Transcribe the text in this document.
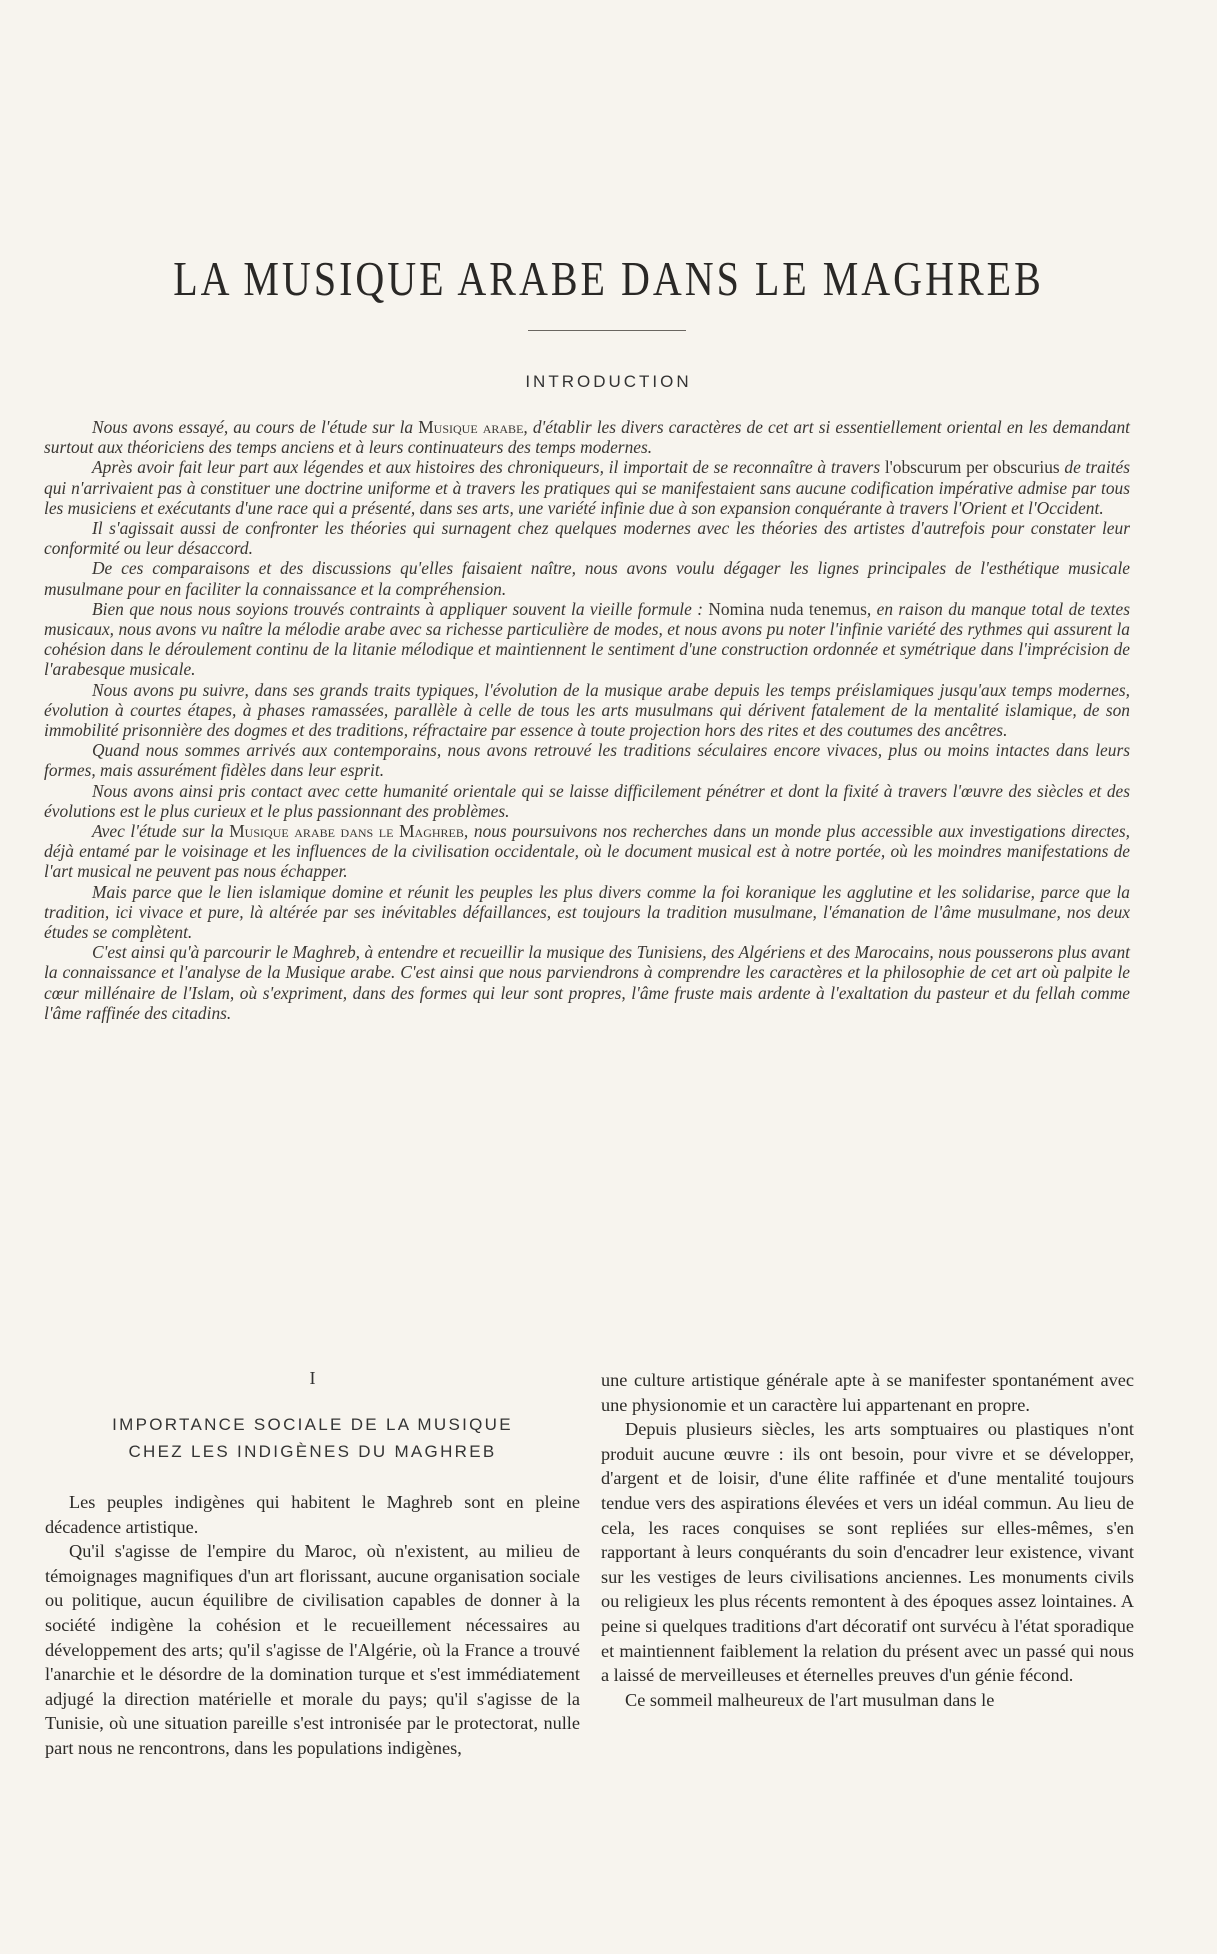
LA MUSIQUE ARABE DANS LE MAGHREB
INTRODUCTION

Nous avons essayé, au cours de l'étude sur la Musique arabe, d'établir les divers caractères de cet art si essentiellement oriental en les demandant surtout aux théoriciens des temps anciens et à leurs continuateurs des temps modernes.

Après avoir fait leur part aux légendes et aux histoires des chroniqueurs, il importait de se reconnaître à travers l'obscurum per obscurius de traités qui n'arrivaient pas à constituer une doctrine uniforme et à travers les pratiques qui se manifestaient sans aucune codification impérative admise par tous les musiciens et exécutants d'une race qui a présenté, dans ses arts, une variété infinie due à son expansion conquérante à travers l'Orient et l'Occident.

Il s'agissait aussi de confronter les théories qui surnagent chez quelques modernes avec les théories des artistes d'autrefois pour constater leur conformité ou leur désaccord.

De ces comparaisons et des discussions qu'elles faisaient naître, nous avons voulu dégager les lignes principales de l'esthétique musicale musulmane pour en faciliter la connaissance et la compréhension.

Bien que nous nous soyions trouvés contraints à appliquer souvent la vieille formule : Nomina nuda tenemus, en raison du manque total de textes musicaux, nous avons vu naître la mélodie arabe avec sa richesse particulière de modes, et nous avons pu noter l'infinie variété des rythmes qui assurent la cohésion dans le déroulement continu de la litanie mélodique et maintiennent le sentiment d'une construction ordonnée et symétrique dans l'imprécision de l'arabesque musicale.

Nous avons pu suivre, dans ses grands traits typiques, l'évolution de la musique arabe depuis les temps préislamiques jusqu'aux temps modernes, évolution à courtes étapes, à phases ramassées, parallèle à celle de tous les arts musulmans qui dérivent fatalement de la mentalité islamique, de son immobilité prisonnière des dogmes et des traditions, réfractaire par essence à toute projection hors des rites et des coutumes des ancêtres.

Quand nous sommes arrivés aux contemporains, nous avons retrouvé les traditions séculaires encore vivaces, plus ou moins intactes dans leurs formes, mais assurément fidèles dans leur esprit.

Nous avons ainsi pris contact avec cette humanité orientale qui se laisse difficilement pénétrer et dont la fixité à travers l'œuvre des siècles et des évolutions est le plus curieux et le plus passionnant des problèmes.

Avec l'étude sur la Musique arabe dans le Maghreb, nous poursuivons nos recherches dans un monde plus accessible aux investigations directes, déjà entamé par le voisinage et les influences de la civilisation occidentale, où le document musical est à notre portée, où les moindres manifestations de l'art musical ne peuvent pas nous échapper.

Mais parce que le lien islamique domine et réunit les peuples les plus divers comme la foi koranique les agglutine et les solidarise, parce que la tradition, ici vivace et pure, là altérée par ses inévitables défaillances, est toujours la tradition musulmane, l'émanation de l'âme musulmane, nos deux études se complètent.

C'est ainsi qu'à parcourir le Maghreb, à entendre et recueillir la musique des Tunisiens, des Algériens et des Marocains, nous pousserons plus avant la connaissance et l'analyse de la Musique arabe. C'est ainsi que nous parviendrons à comprendre les caractères et la philosophie de cet art où palpite le cœur millénaire de l'Islam, où s'expriment, dans des formes qui leur sont propres, l'âme fruste mais ardente à l'exaltation du pasteur et du fellah comme l'âme raffinée des citadins.

I
IMPORTANCE SOCIALE DE LA MUSIQUE
CHEZ LES INDIGÈNES DU MAGHREB

Les peuples indigènes qui habitent le Maghreb sont en pleine décadence artistique.

Qu'il s'agisse de l'empire du Maroc, où n'existent, au milieu de témoignages magnifiques d'un art florissant, aucune organisation sociale ou politique, aucun équilibre de civilisation capables de donner à la société indigène la cohésion et le recueillement nécessaires au développement des arts; qu'il s'agisse de l'Algérie, où la France a trouvé l'anarchie et le désordre de la domination turque et s'est immédiatement adjugé la direction matérielle et morale du pays; qu'il s'agisse de la Tunisie, où une situation pareille s'est intronisée par le protectorat, nulle part nous ne rencontrons, dans les populations indigènes,

une culture artistique générale apte à se manifester spontanément avec une physionomie et un caractère lui appartenant en propre.

Depuis plusieurs siècles, les arts somptuaires ou plastiques n'ont produit aucune œuvre : ils ont besoin, pour vivre et se développer, d'argent et de loisir, d'une élite raffinée et d'une mentalité toujours tendue vers des aspirations élevées et vers un idéal commun. Au lieu de cela, les races conquises se sont repliées sur elles-mêmes, s'en rapportant à leurs conquérants du soin d'encadrer leur existence, vivant sur les vestiges de leurs civilisations anciennes. Les monuments civils ou religieux les plus récents remontent à des époques assez lointaines. A peine si quelques traditions d'art décoratif ont survécu à l'état sporadique et maintiennent faiblement la relation du présent avec un passé qui nous a laissé de merveilleuses et éternelles preuves d'un génie fécond.

Ce sommeil malheureux de l'art musulman dans le
